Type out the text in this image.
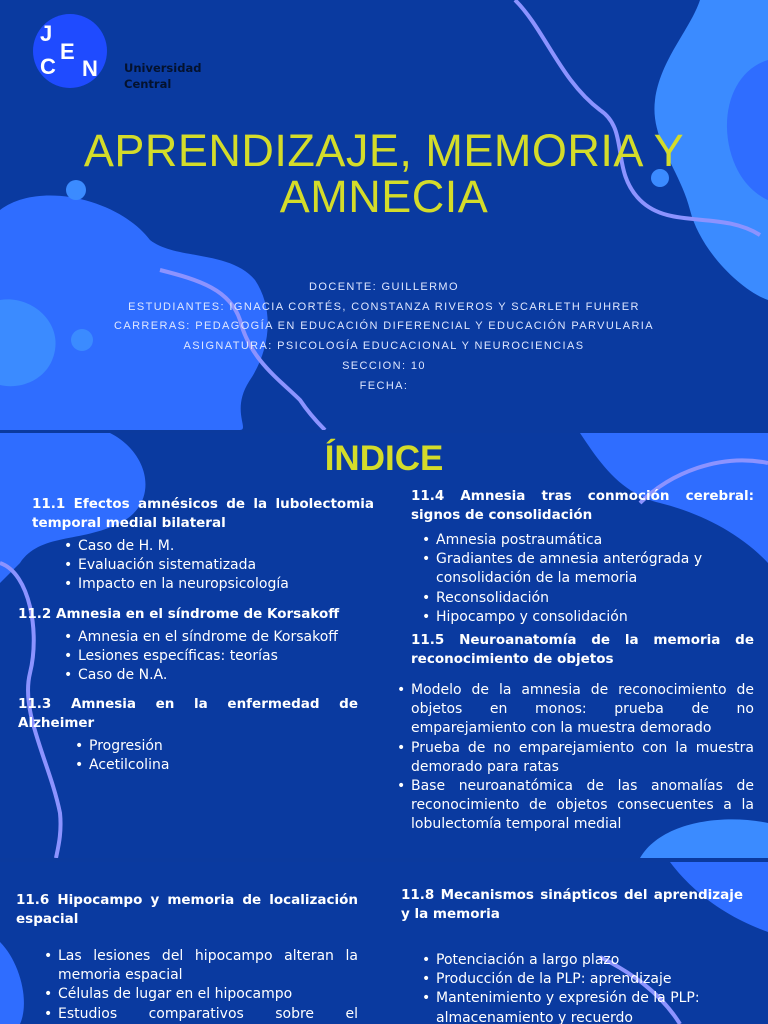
J
C
E
N Universidad
Central
APRENDIZAJE, MEMORIA Y
AMNECIA
DOCENTE: GUILLERMO
ESTUDIANTES: IGNACIA CORTÉS, CONSTANZA RIVEROS Y SCARLETH FUHRER
CARRERAS: PEDAGOGÍA EN EDUCACIÓN DIFERENCIAL Y EDUCACIÓN PARVULARIA
ASIGNATURA: PSICOLOGÍA EDUCACIONAL Y NEUROCIENCIAS
SECCION: 10
FECHA:
ÍNDICE
11.1 Efectos amnésicos de la lubolectomia temporal medial bilateral
• Caso de H. M.
• Evaluación sistematizada
• Impacto en la neuropsicología
11.2 Amnesia en el síndrome de Korsakoff
• Amnesia en el síndrome de Korsakoff
• Lesiones específicas: teorías
• Caso de N.A.
11.3 Amnesia en la enfermedad de Alzheimer
• Progresión
• Acetilcolina
11.4 Amnesia tras conmoción cerebral: signos de consolidación
• Amnesia postraumática
• Gradiantes de amnesia anterógrada y consolidación de la memoria
• Reconsolidación
• Hipocampo y consolidación
11.5 Neuroanatomía de la memoria de reconocimiento de objetos
• Modelo de la amnesia de reconocimiento de objetos en monos: prueba de no emparejamiento con la muestra demorado
• Prueba de no emparejamiento con la muestra demorado para ratas
• Base neuroanatómica de las anomalías de reconocimiento de objetos consecuentes a la lobulectomía temporal medial
11.6 Hipocampo y memoria de localización espacial
• Las lesiones del hipocampo alteran la memoria espacial
• Células de lugar en el hipocampo
• Estudios comparativos sobre el
11.8 Mecanismos sinápticos del aprendizaje y la memoria
• Potenciación a largo plazo
• Producción de la PLP: aprendizaje
• Mantenimiento y expresión de la PLP: almacenamiento y recuerdo
